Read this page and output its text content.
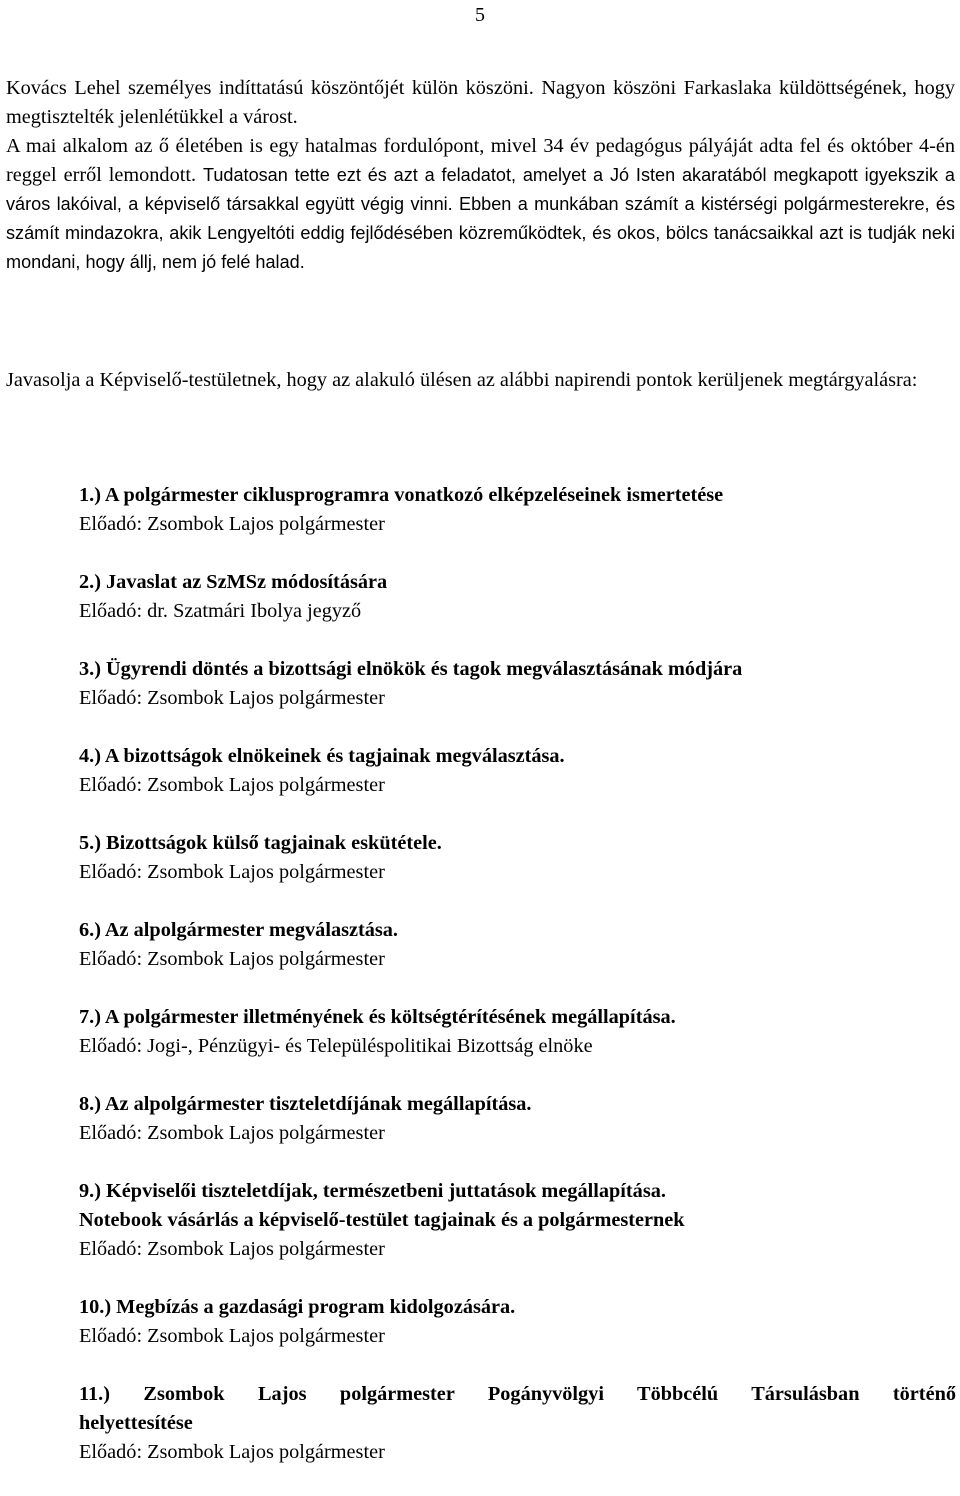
5

Kovács Lehel személyes indíttatású köszöntőjét külön köszöni. Nagyon köszöni Farkaslaka küldöttségének, hogy megtisztelték jelenlétükkel a várost.
A mai alkalom az ő életében is egy hatalmas fordulópont, mivel 34 év pedagógus pályáját adta fel és október 4-én reggel erről lemondott. Tudatosan tette ezt és azt a feladatot, amelyet a Jó Isten akaratából megkapott igyekszik a város lakóival, a képviselő társakkal együtt végig vinni. Ebben a munkában számít a kistérségi polgármesterekre, és számít mindazokra, akik Lengyeltóti eddig fejlődésében közreműködtek, és okos, bölcs tanácsaikkal azt is tudják neki mondani, hogy állj, nem jó felé halad.

Javasolja a Képviselő-testületnek, hogy az alakuló ülésen az alábbi napirendi pontok kerüljenek megtárgyalásra:

1.) A polgármester ciklusprogramra vonatkozó elképzeléseinek ismertetése
Előadó: Zsombok Lajos polgármester
2.) Javaslat az SzMSz módosítására
Előadó: dr. Szatmári Ibolya jegyző
3.) Ügyrendi döntés a bizottsági elnökök és tagok megválasztásának módjára
Előadó: Zsombok Lajos polgármester
4.) A bizottságok elnökeinek és tagjainak megválasztása.
Előadó: Zsombok Lajos polgármester
5.) Bizottságok külső tagjainak eskütétele.
Előadó: Zsombok Lajos polgármester
6.) Az alpolgármester megválasztása.
Előadó: Zsombok Lajos polgármester
7.) A polgármester illetményének és költségtérítésének megállapítása.
Előadó: Jogi-, Pénzügyi- és Településpolitikai Bizottság elnöke
8.) Az alpolgármester tiszteletdíjának megállapítása.
Előadó: Zsombok Lajos polgármester
9.) Képviselői tiszteletdíjak, természetbeni juttatások megállapítása.
Notebook vásárlás a képviselő-testület tagjainak és a polgármesternek
Előadó: Zsombok Lajos polgármester
10.) Megbízás a gazdasági program kidolgozására.
Előadó: Zsombok Lajos polgármester
11.) Zsombok Lajos polgármester Pogányvölgyi Többcélú Társulásban történő
helyettesítése
Előadó: Zsombok Lajos polgármester
